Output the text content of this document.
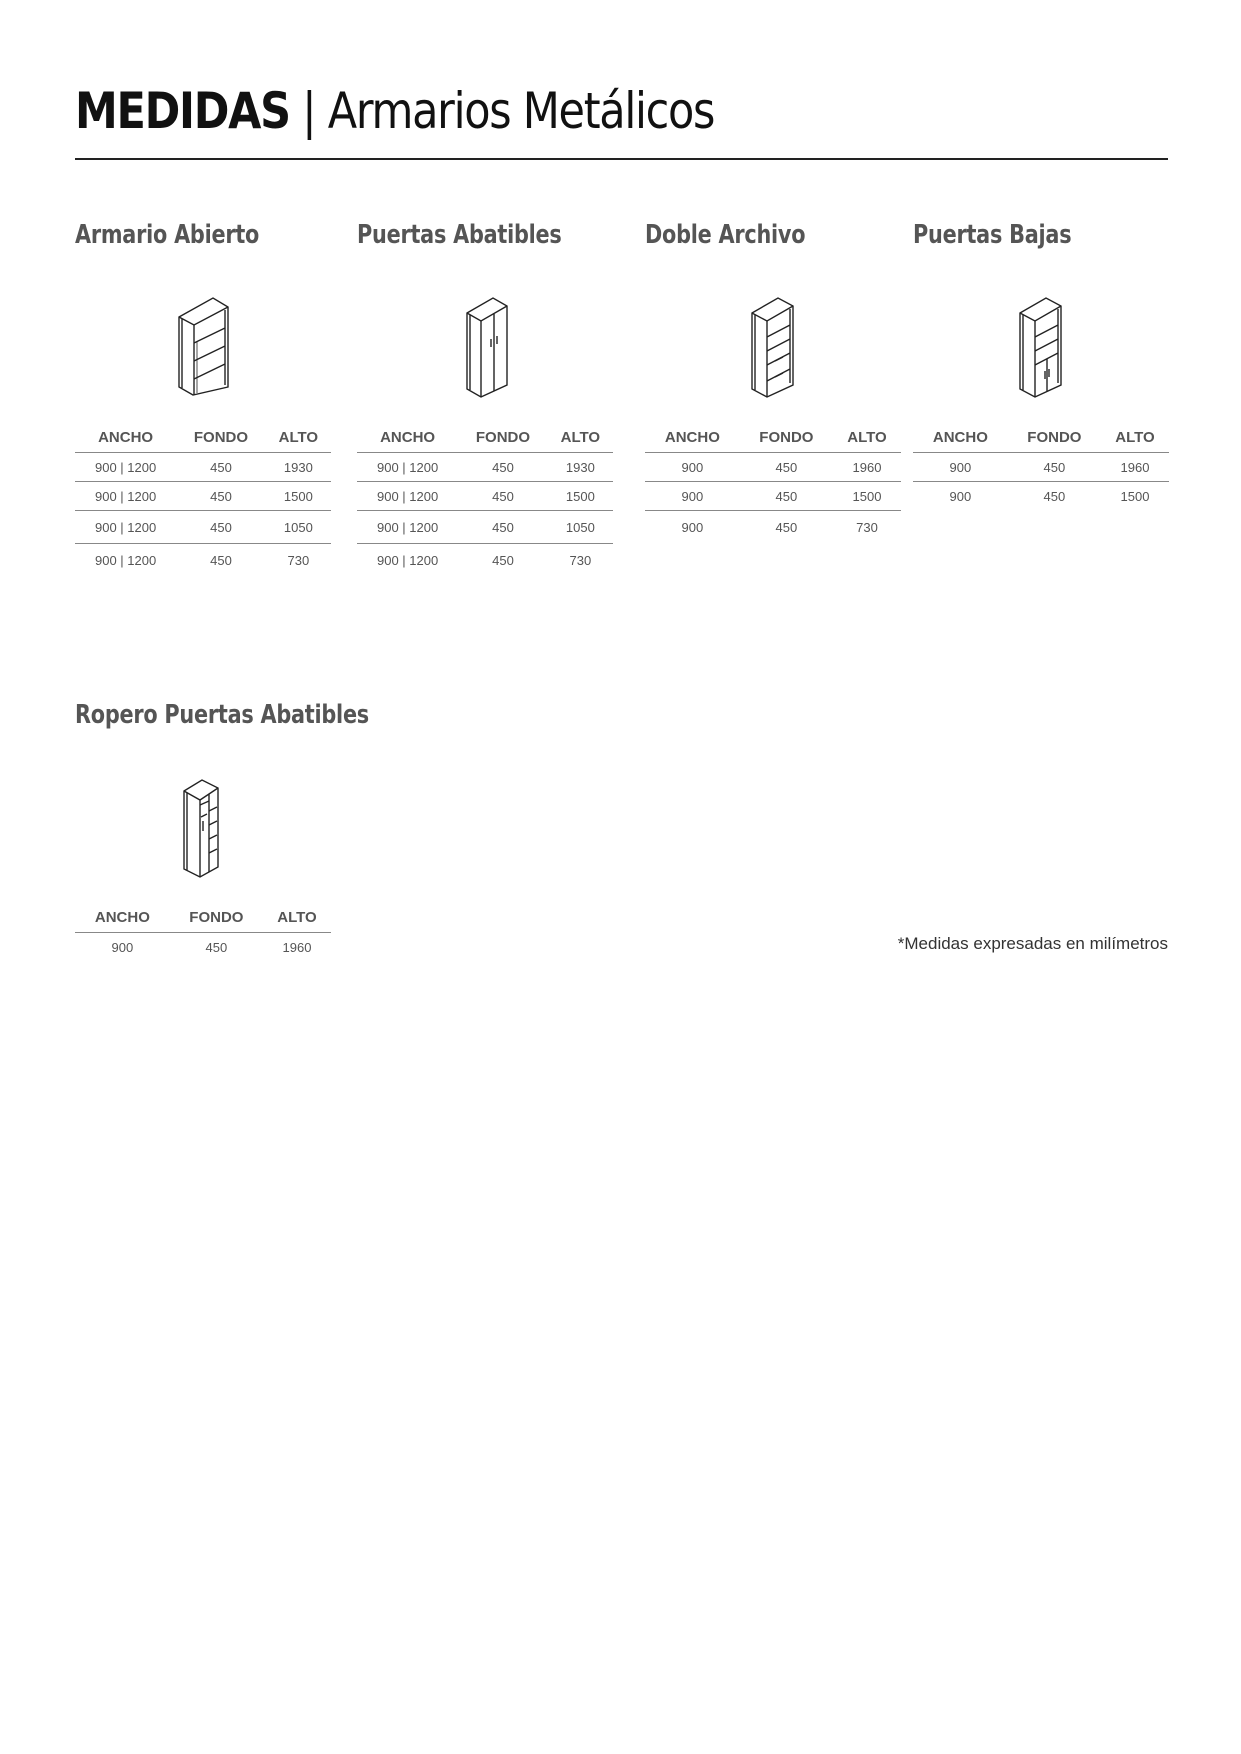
MEDIDAS | Armarios Metálicos
Armario Abierto
ANCHO	FONDO	ALTO
900 | 1200	450	1930
900 | 1200	450	1500
900 | 1200	450	1050
900 | 1200	450	730
Puertas Abatibles
ANCHO	FONDO	ALTO
900 | 1200	450	1930
900 | 1200	450	1500
900 | 1200	450	1050
900 | 1200	450	730
Doble Archivo
ANCHO	FONDO	ALTO
900	450	1960
900	450	1500
900	450	730
Puertas Bajas
ANCHO	FONDO	ALTO
900	450	1960
900	450	1500
Ropero Puertas Abatibles
ANCHO	FONDO	ALTO
900	450	1960	*Medidas expresadas en milímetros
